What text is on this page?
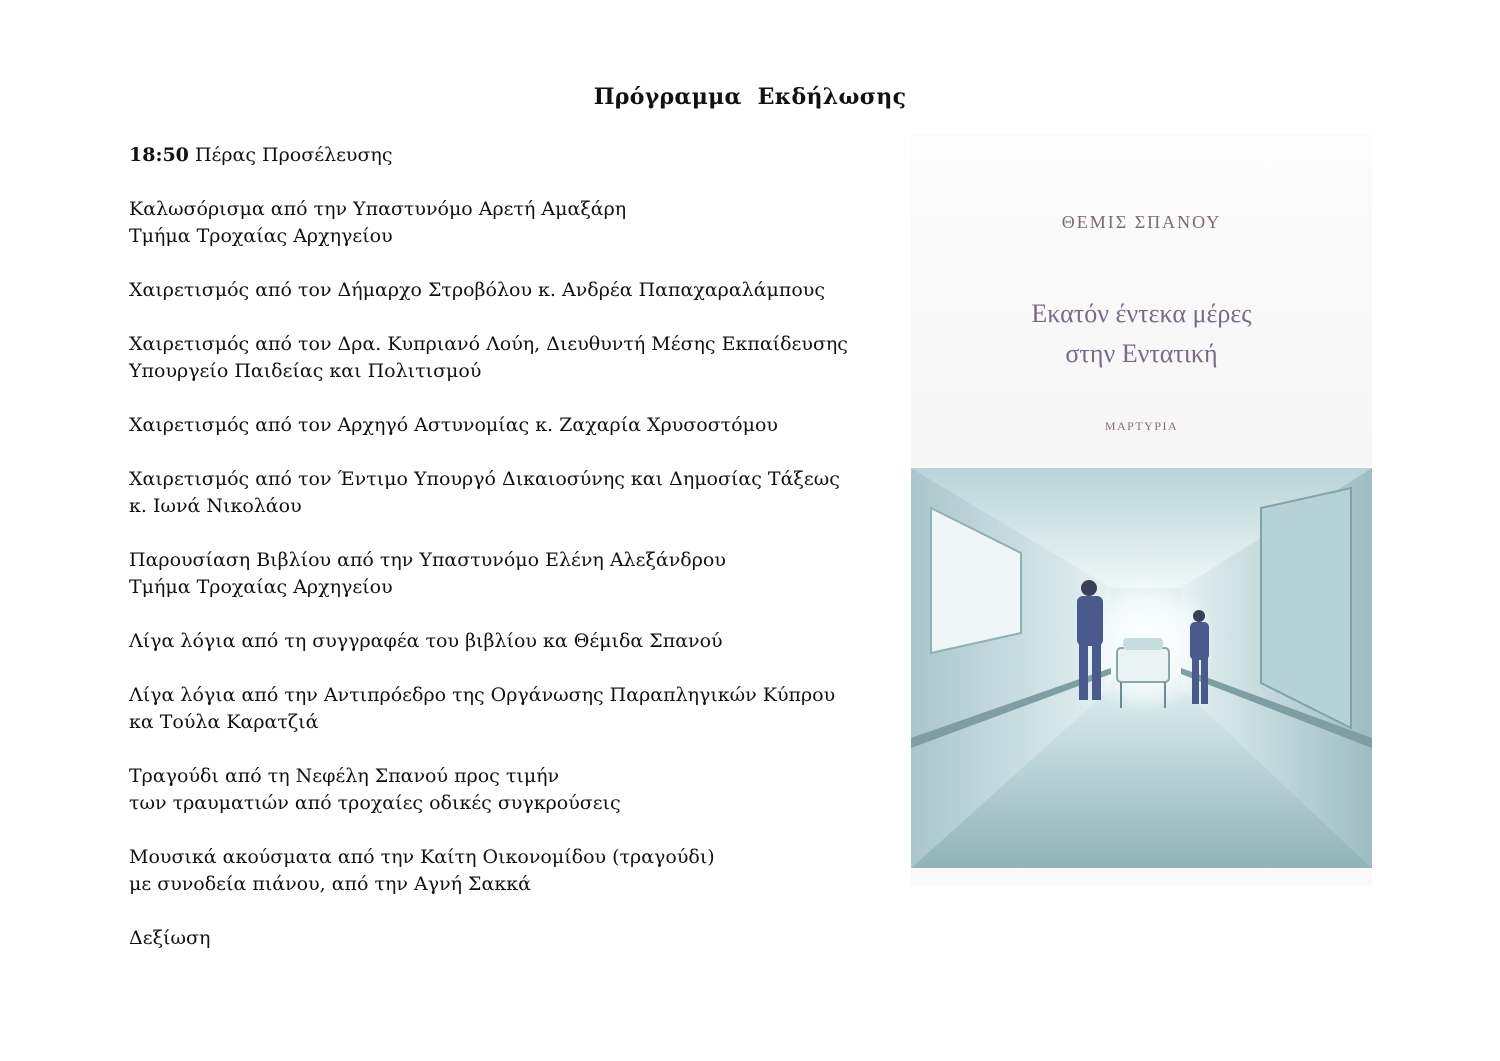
Πρόγραμμα  Εκδήλωσης
18:50 Πέρας Προσέλευσης
Καλωσόρισμα από την Υπαστυνόμο Αρετή Αμαξάρη
Τμήμα Τροχαίας Αρχηγείου
Χαιρετισμός από τον Δήμαρχο Στροβόλου κ. Ανδρέα Παπαχαραλάμπους
Χαιρετισμός από τον Δρα. Κυπριανό Λούη, Διευθυντή Μέσης Εκπαίδευσης
Υπουργείο Παιδείας και Πολιτισμού
Χαιρετισμός από τον Αρχηγό Αστυνομίας κ. Ζαχαρία Χρυσοστόμου
Χαιρετισμός από τον Έντιμο Υπουργό Δικαιοσύνης και Δημοσίας Τάξεως
κ. Ιωνά Νικολάου
Παρουσίαση Βιβλίου από την Υπαστυνόμο Ελένη Αλεξάνδρου
Τμήμα Τροχαίας Αρχηγείου
Λίγα λόγια από τη συγγραφέα του βιβλίου κα Θέμιδα Σπανού
Λίγα λόγια από την Αντιπρόεδρο της Οργάνωσης Παραπληγικών Κύπρου
κα Τούλα Καρατζιά
Τραγούδι από τη Νεφέλη Σπανού προς τιμήν
των τραυματιών από τροχαίες οδικές συγκρούσεις
Μουσικά ακούσματα από την Καίτη Οικονομίδου (τραγούδι)
με συνοδεία πιάνου, από την Αγνή Σακκά
Δεξίωση
ΘΕΜΙΣ ΣΠΑΝΟΥ
Εκατόν έντεκα μέρες
στην Εντατική
ΜΑΡΤΥΡΙΑ
